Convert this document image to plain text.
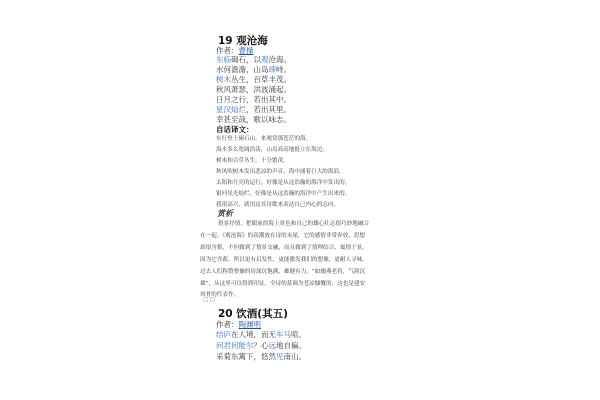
19 观沧海
作者：曹操
东临碣石，以观沧海。
水何澹澹，山岛竦峙。
树木丛生，百草丰茂。
秋风萧瑟，洪波涌起。
日月之行，若出其中。
星汉灿烂，若出其里。
幸甚至哉，歌以咏志。
自话译文：
东行登上碣石山，来观赏那苍茫的海。
海水多么宽阔浩荡，山岛高高地挺立在海边。
树木和百草丛生，十分繁茂。
秋风吹树木发出悲凉的声音，海中涌着巨大的海浪。
太阳和月亮的运行，好像是从这浩瀚的海洋中发出的。
银河星光灿烂，好像是从这浩瀚的海洋中产生出来的。
我很高兴，就用这首诗歌来表达自己内心的志向。
赏析
借景抒情，把眼前的海上景色和自己的雄心壮志很巧妙地融合
在一起。《观沧海》的高潮放在诗的末尾，它的感情非常奔放，思想
却很含蓄，不但做到了情景交融，而且做到了情理结合、寓情于景。
因为它含蓄，所以更有启发性，更能激发我们的想像，更耐人寻味。
过去人们称赞曹操的诗深沉饱满、雄健有力，“如幽燕老将，气韵沉
雄”，从这里可以得到印证。全诗的基调为苍凉慷慨的，这也是建安
风骨的代表作。
□□
20 饮酒(其五)
作者：陶渊明
结庐在人境，而无车马喧。
问君何能尔？心远地自偏。
采菊东篱下，悠然见南山。
